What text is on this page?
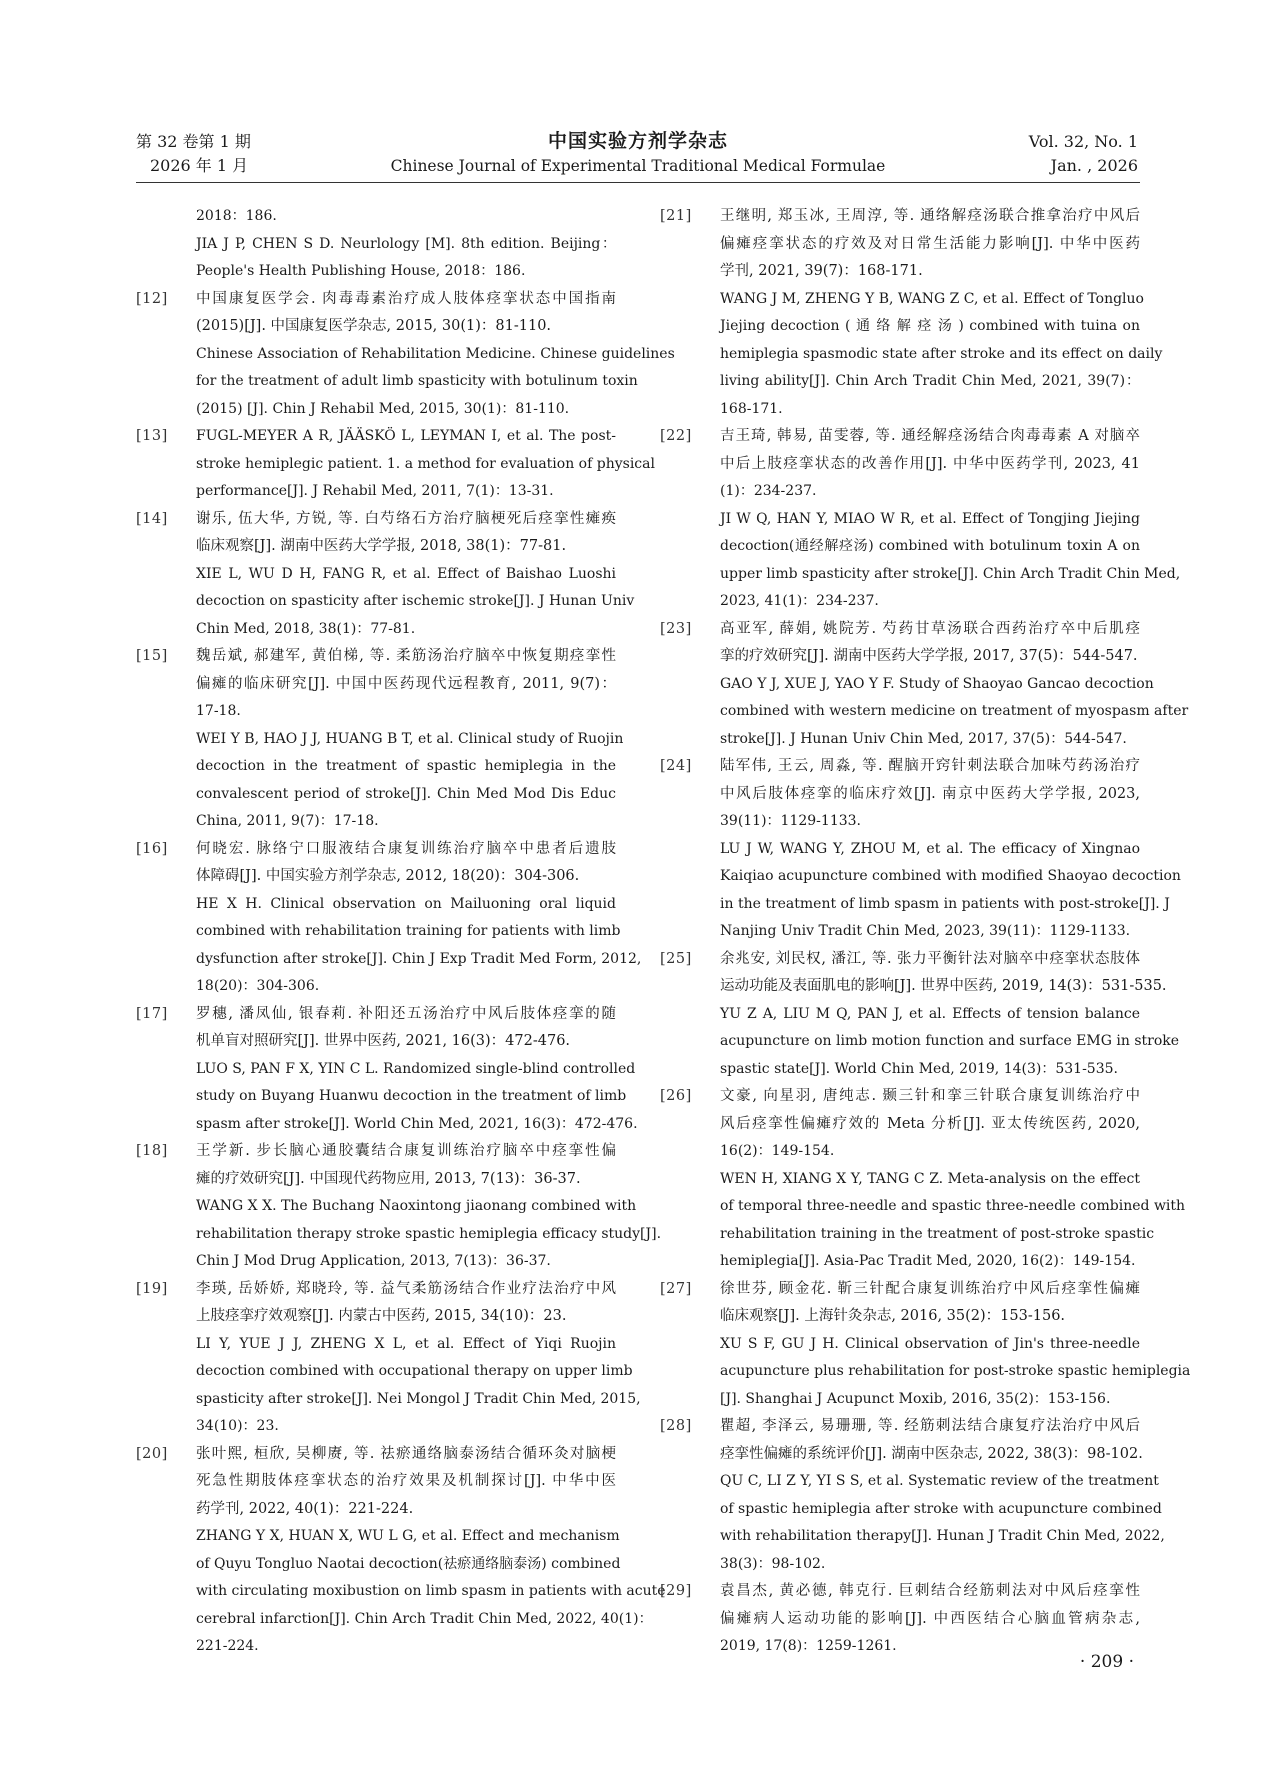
第 32 卷第 1 期
2026 年 1 月
中国实验方剂学杂志
Chinese Journal of Experimental Traditional Medical Formulae
Vol. 32, No. 1
Jan. , 2026
2018：186.
JIA J P, CHEN S D. Neurlology [M]. 8th edition. Beijing：
People's Health Publishing House, 2018：186.
[12]	中国康复医学会. 肉毒毒素治疗成人肢体痉挛状态中国指南
(2015)[J]. 中国康复医学杂志, 2015, 30(1)：81-110.
Chinese Association of Rehabilitation Medicine. Chinese guidelines
for the treatment of adult limb spasticity with botulinum toxin
(2015) [J]. Chin J Rehabil Med, 2015, 30(1)：81-110.
[13]	FUGL-MEYER A R, JÄÄSKÖ L, LEYMAN I, et al. The post-
stroke hemiplegic patient. 1. a method for evaluation of physical
performance[J]. J Rehabil Med, 2011, 7(1)：13-31.
[14]	谢乐, 伍大华, 方锐, 等. 白芍络石方治疗脑梗死后痉挛性瘫痪
临床观察[J]. 湖南中医药大学学报, 2018, 38(1)：77-81.
XIE L, WU D H, FANG R, et al. Effect of Baishao Luoshi
decoction on spasticity after ischemic stroke[J]. J Hunan Univ
Chin Med, 2018, 38(1)：77-81.
[15]	魏岳斌, 郝建军, 黄伯梯, 等. 柔筋汤治疗脑卒中恢复期痉挛性
偏瘫的临床研究[J]. 中国中医药现代远程教育, 2011, 9(7)：
17-18.
WEI Y B, HAO J J, HUANG B T, et al. Clinical study of Ruojin
decoction in the treatment of spastic hemiplegia in the
convalescent period of stroke[J]. Chin Med Mod Dis Educ
China, 2011, 9(7)：17-18.
[16]	何晓宏. 脉络宁口服液结合康复训练治疗脑卒中患者后遗肢
体障碍[J]. 中国实验方剂学杂志, 2012, 18(20)：304-306.
HE X H. Clinical observation on Mailuoning oral liquid
combined with rehabilitation training for patients with limb
dysfunction after stroke[J]. Chin J Exp Tradit Med Form, 2012,
18(20)：304-306.
[17]	罗穗, 潘凤仙, 银春莉. 补阳还五汤治疗中风后肢体痉挛的随
机单盲对照研究[J]. 世界中医药, 2021, 16(3)：472-476.
LUO S, PAN F X, YIN C L. Randomized single-blind controlled
study on Buyang Huanwu decoction in the treatment of limb
spasm after stroke[J]. World Chin Med, 2021, 16(3)：472-476.
[18]	王学新. 步长脑心通胶囊结合康复训练治疗脑卒中痉挛性偏
瘫的疗效研究[J]. 中国现代药物应用, 2013, 7(13)：36-37.
WANG X X. The Buchang Naoxintong jiaonang combined with
rehabilitation therapy stroke spastic hemiplegia efficacy study[J].
Chin J Mod Drug Application, 2013, 7(13)：36-37.
[19]	李瑛, 岳娇娇, 郑晓玲, 等. 益气柔筋汤结合作业疗法治疗中风
上肢痉挛疗效观察[J]. 内蒙古中医药, 2015, 34(10)：23.
LI Y, YUE J J, ZHENG X L, et al. Effect of Yiqi Ruojin
decoction combined with occupational therapy on upper limb
spasticity after stroke[J]. Nei Mongol J Tradit Chin Med, 2015,
34(10)：23.
[20]	张叶熙, 桓欣, 吴柳赓, 等. 祛瘀通络脑泰汤结合循环灸对脑梗
死急性期肢体痉挛状态的治疗效果及机制探讨[J]. 中华中医
药学刊, 2022, 40(1)：221-224.
ZHANG Y X, HUAN X, WU L G, et al. Effect and mechanism
of Quyu Tongluo Naotai decoction(祛瘀通络脑泰汤) combined
with circulating moxibustion on limb spasm in patients with acute
cerebral infarction[J]. Chin Arch Tradit Chin Med, 2022, 40(1)：
221-224.
[21]	王继明, 郑玉冰, 王周淳, 等. 通络解痉汤联合推拿治疗中风后
偏瘫痉挛状态的疗效及对日常生活能力影响[J]. 中华中医药
学刊, 2021, 39(7)：168-171.
WANG J M, ZHENG Y B, WANG Z C, et al. Effect of Tongluo
Jiejing decoction ( 通 络 解 痉 汤 ) combined with tuina on
hemiplegia spasmodic state after stroke and its effect on daily
living ability[J]. Chin Arch Tradit Chin Med, 2021, 39(7)：
168-171.
[22]	吉王琦, 韩易, 苗雯蓉, 等. 通经解痉汤结合肉毒毒素 A 对脑卒
中后上肢痉挛状态的改善作用[J]. 中华中医药学刊, 2023, 41
(1)：234-237.
JI W Q, HAN Y, MIAO W R, et al. Effect of Tongjing Jiejing
decoction(通经解痉汤) combined with botulinum toxin A on
upper limb spasticity after stroke[J]. Chin Arch Tradit Chin Med,
2023, 41(1)：234-237.
[23]	高亚军, 薛娟, 姚院芳. 芍药甘草汤联合西药治疗卒中后肌痉
挛的疗效研究[J]. 湖南中医药大学学报, 2017, 37(5)：544-547.
GAO Y J, XUE J, YAO Y F. Study of Shaoyao Gancao decoction
combined with western medicine on treatment of myospasm after
stroke[J]. J Hunan Univ Chin Med, 2017, 37(5)：544-547.
[24]	陆军伟, 王云, 周淼, 等. 醒脑开窍针刺法联合加味芍药汤治疗
中风后肢体痉挛的临床疗效[J]. 南京中医药大学学报, 2023,
39(11)：1129-1133.
LU J W, WANG Y, ZHOU M, et al. The efficacy of Xingnao
Kaiqiao acupuncture combined with modified Shaoyao decoction
in the treatment of limb spasm in patients with post-stroke[J]. J
Nanjing Univ Tradit Chin Med, 2023, 39(11)：1129-1133.
[25]	余兆安, 刘民权, 潘江, 等. 张力平衡针法对脑卒中痉挛状态肢体
运动功能及表面肌电的影响[J]. 世界中医药, 2019, 14(3)：531-535.
YU Z A, LIU M Q, PAN J, et al. Effects of tension balance
acupuncture on limb motion function and surface EMG in stroke
spastic state[J]. World Chin Med, 2019, 14(3)：531-535.
[26]	文豪, 向星羽, 唐纯志. 颞三针和挛三针联合康复训练治疗中
风后痉挛性偏瘫疗效的 Meta 分析[J]. 亚太传统医药, 2020,
16(2)：149-154.
WEN H, XIANG X Y, TANG C Z. Meta-analysis on the effect
of temporal three-needle and spastic three-needle combined with
rehabilitation training in the treatment of post-stroke spastic
hemiplegia[J]. Asia-Pac Tradit Med, 2020, 16(2)：149-154.
[27]	徐世芬, 顾金花. 靳三针配合康复训练治疗中风后痉挛性偏瘫
临床观察[J]. 上海针灸杂志, 2016, 35(2)：153-156.
XU S F, GU J H. Clinical observation of Jin's three-needle
acupuncture plus rehabilitation for post-stroke spastic hemiplegia
[J]. Shanghai J Acupunct Moxib, 2016, 35(2)：153-156.
[28]	瞿超, 李泽云, 易珊珊, 等. 经筋刺法结合康复疗法治疗中风后
痉挛性偏瘫的系统评价[J]. 湖南中医杂志, 2022, 38(3)：98-102.
QU C, LI Z Y, YI S S, et al. Systematic review of the treatment
of spastic hemiplegia after stroke with acupuncture combined
with rehabilitation therapy[J]. Hunan J Tradit Chin Med, 2022,
38(3)：98-102.
[29]	袁昌杰, 黄必德, 韩克行. 巨刺结合经筋刺法对中风后痉挛性
偏瘫病人运动功能的影响[J]. 中西医结合心脑血管病杂志,
2019, 17(8)：1259-1261.
· 209 ·
